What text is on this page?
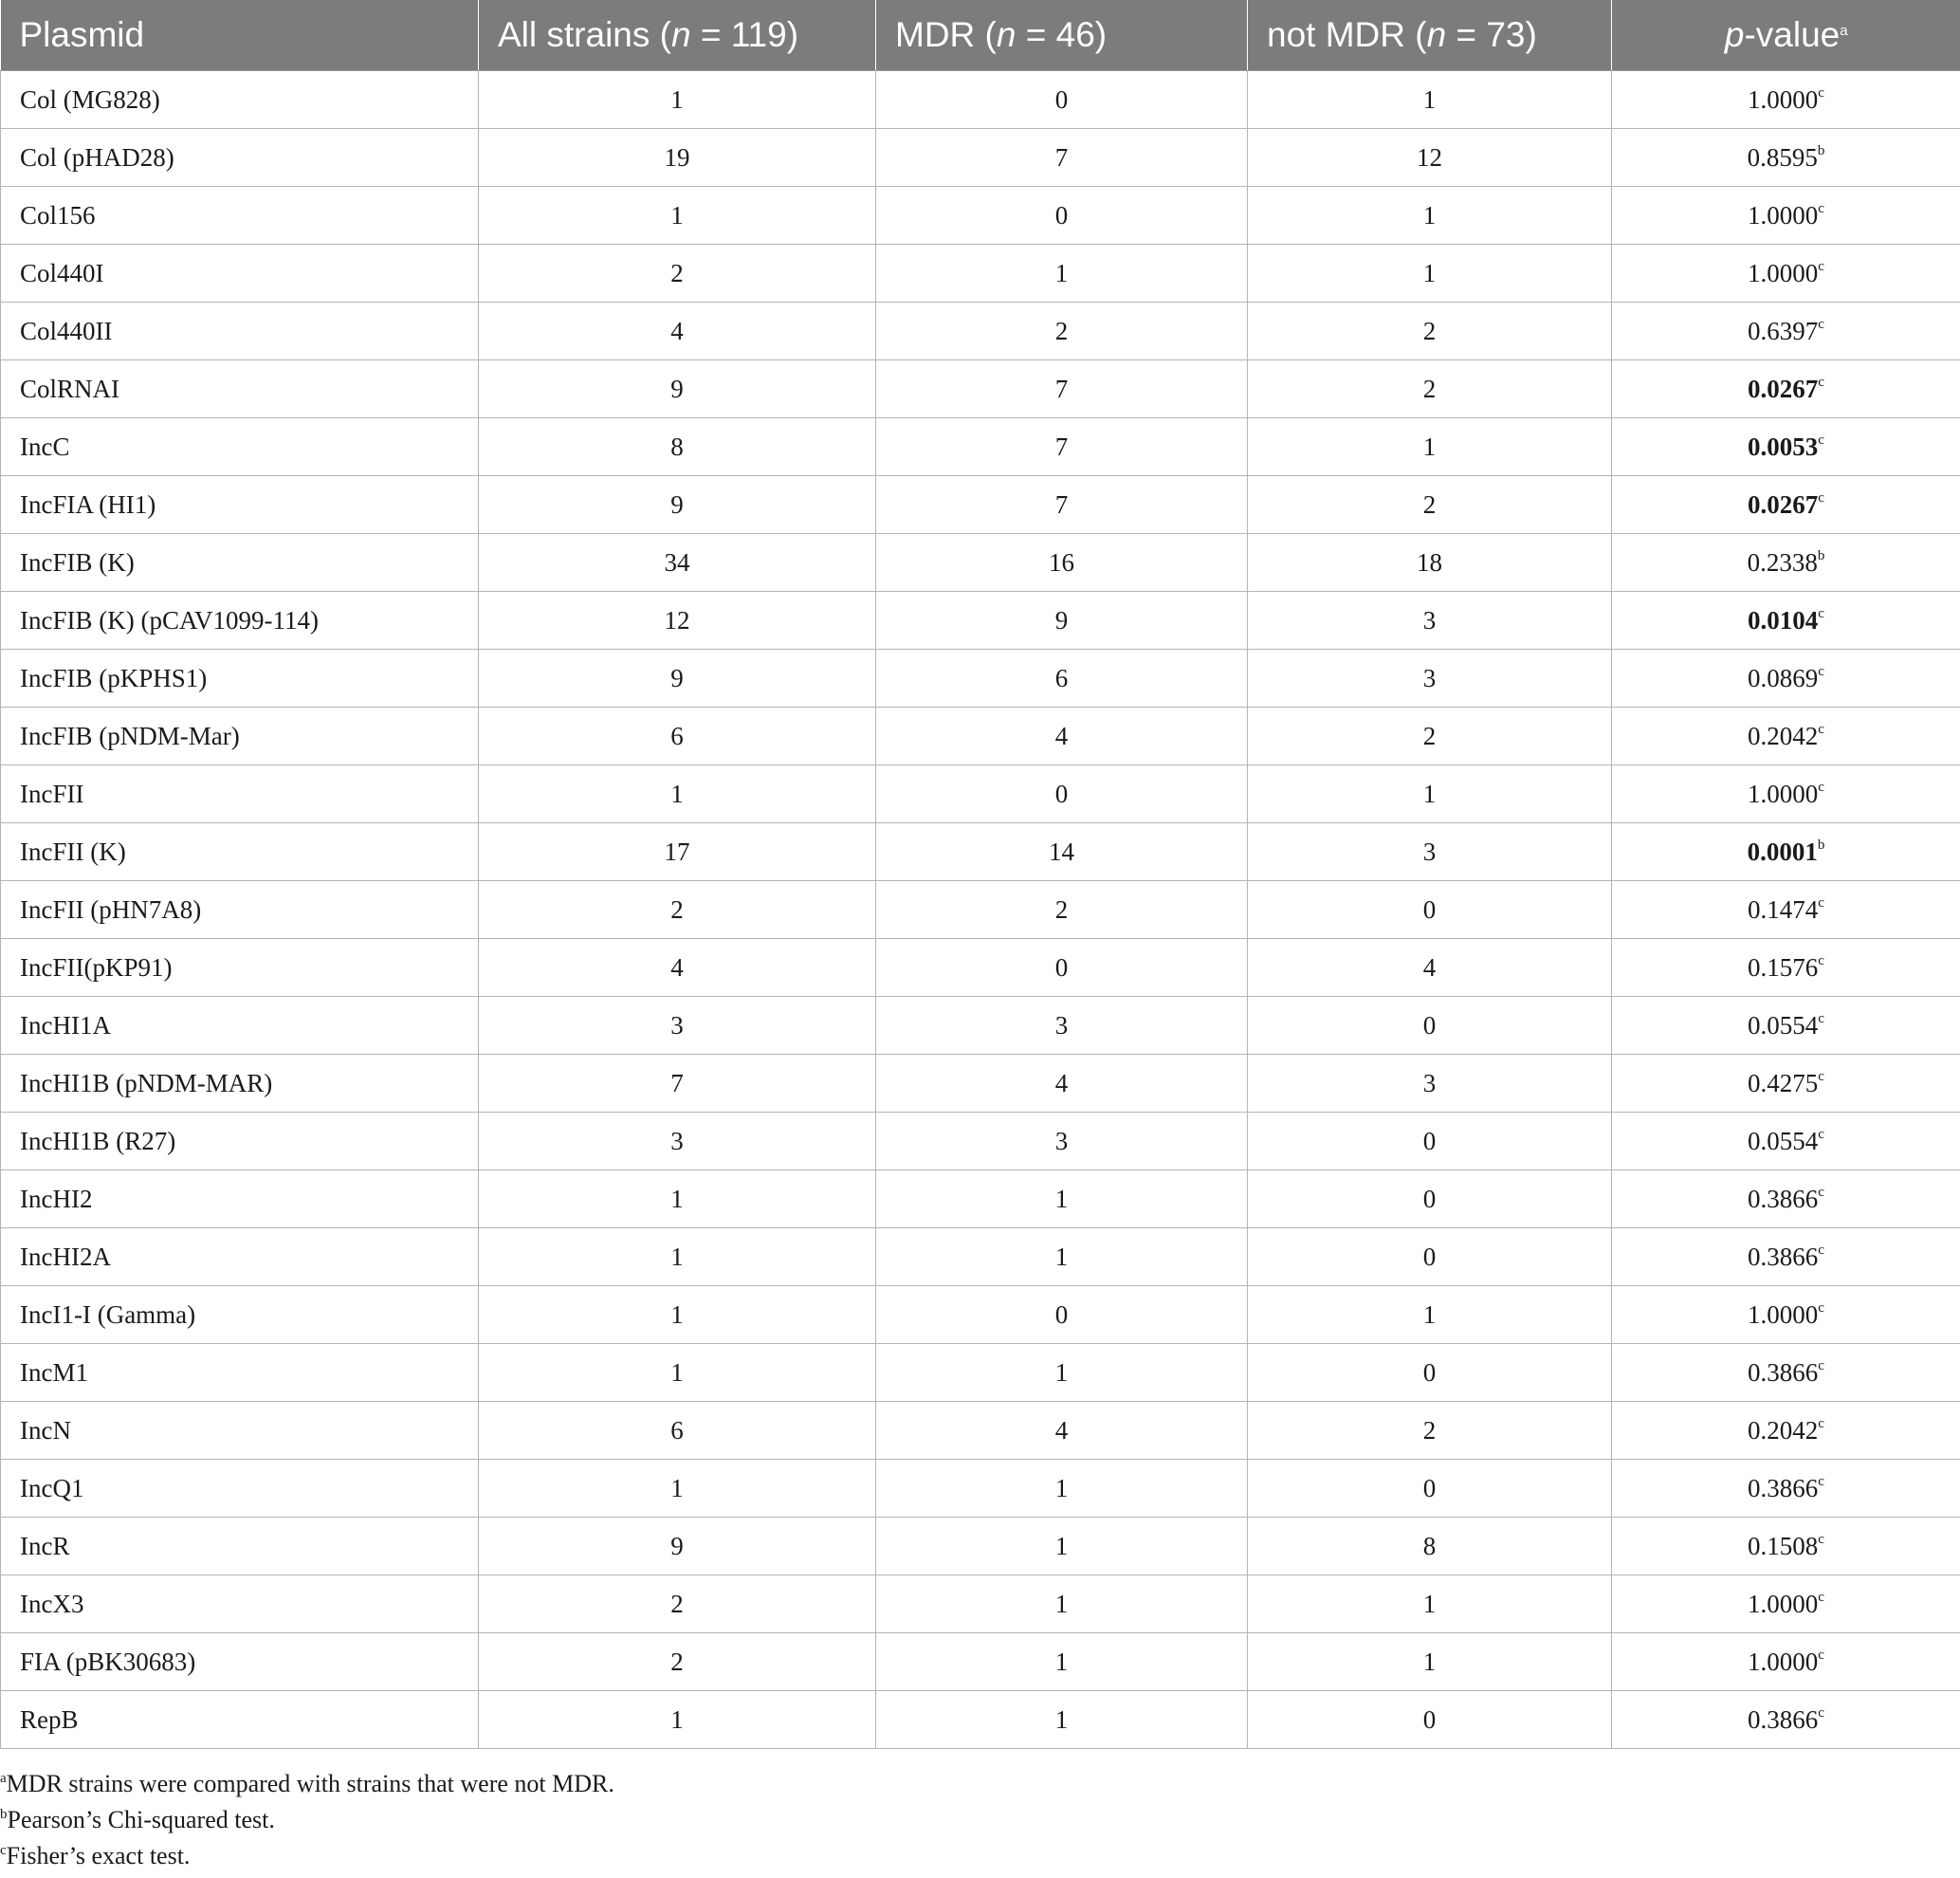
Plasmid	All strains (n = 119)	MDR (n = 46)	not MDR (n = 73)	p-value$^a$
Col (MG828)	1	0	1	1.0000$^c$
Col (pHAD28)	19	7	12	0.8595$^b$
Col156	1	0	1	1.0000$^c$
Col440I	2	1	1	1.0000$^c$
Col440II	4	2	2	0.6397$^c$
ColRNAI	9	7	2	0.0267$^c$
IncC	8	7	1	0.0053$^c$
IncFIA (HI1)	9	7	2	0.0267$^c$
IncFIB (K)	34	16	18	0.2338$^b$
IncFIB (K) (pCAV1099-114)	12	9	3	0.0104$^c$
IncFIB (pKPHS1)	9	6	3	0.0869$^c$
IncFIB (pNDM-Mar)	6	4	2	0.2042$^c$
IncFII	1	0	1	1.0000$^c$
IncFII (K)	17	14	3	0.0001$^b$
IncFII (pHN7A8)	2	2	0	0.1474$^c$
IncFII(pKP91)	4	0	4	0.1576$^c$
IncHI1A	3	3	0	0.0554$^c$
IncHI1B (pNDM-MAR)	7	4	3	0.4275$^c$
IncHI1B (R27)	3	3	0	0.0554$^c$
IncHI2	1	1	0	0.3866$^c$
IncHI2A	1	1	0	0.3866$^c$
IncI1-I (Gamma)	1	0	1	1.0000$^c$
IncM1	1	1	0	0.3866$^c$
IncN	6	4	2	0.2042$^c$
IncQ1	1	1	0	0.3866$^c$
IncR	9	1	8	0.1508$^c$
IncX3	2	1	1	1.0000$^c$
FIA (pBK30683)	2	1	1	1.0000$^c$
RepB	1	1	0	0.3866$^c$
$^a$MDR strains were compared with strains that were not MDR.
$^b$Pearson’s Chi-squared test.
$^c$Fisher’s exact test.
